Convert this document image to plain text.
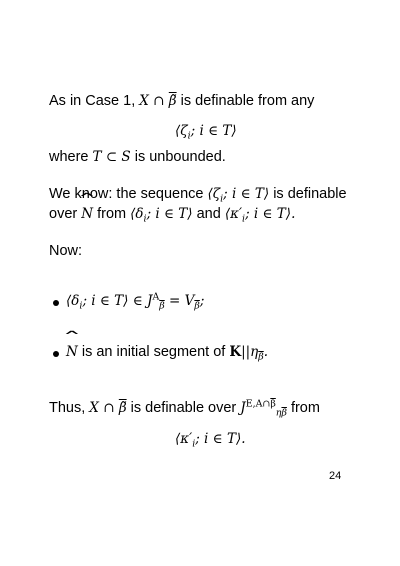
As in Case 1, X ∩ $\overline{\beta}$ is definable from any
$⟨\zeta_i$; i ∈ T⟩
where T ⊂ S is unbounded.
We know: the sequence $⟨\zeta_i$; i ∈ T⟩ is definable
over ˆ N from $⟨\delta_i$; i ∈ T⟩ and $⟨\kappa'_i$; i ∈ T⟩.
Now:
$⟨\delta_i$; i ∈ T⟩ ∈ $J^A_{\overline{\beta}} = V_{\overline{\beta}}$;
ˆ N is an initial segment of $K||\eta_{\overline{\beta}}$.
Thus, X ∩ $\overline{\beta}$ is definable over $J^{E,A\cap\overline{\beta}}_{\eta\overline{\beta}}$ from
$⟨\kappa'_i$; i ∈ T⟩.
24
